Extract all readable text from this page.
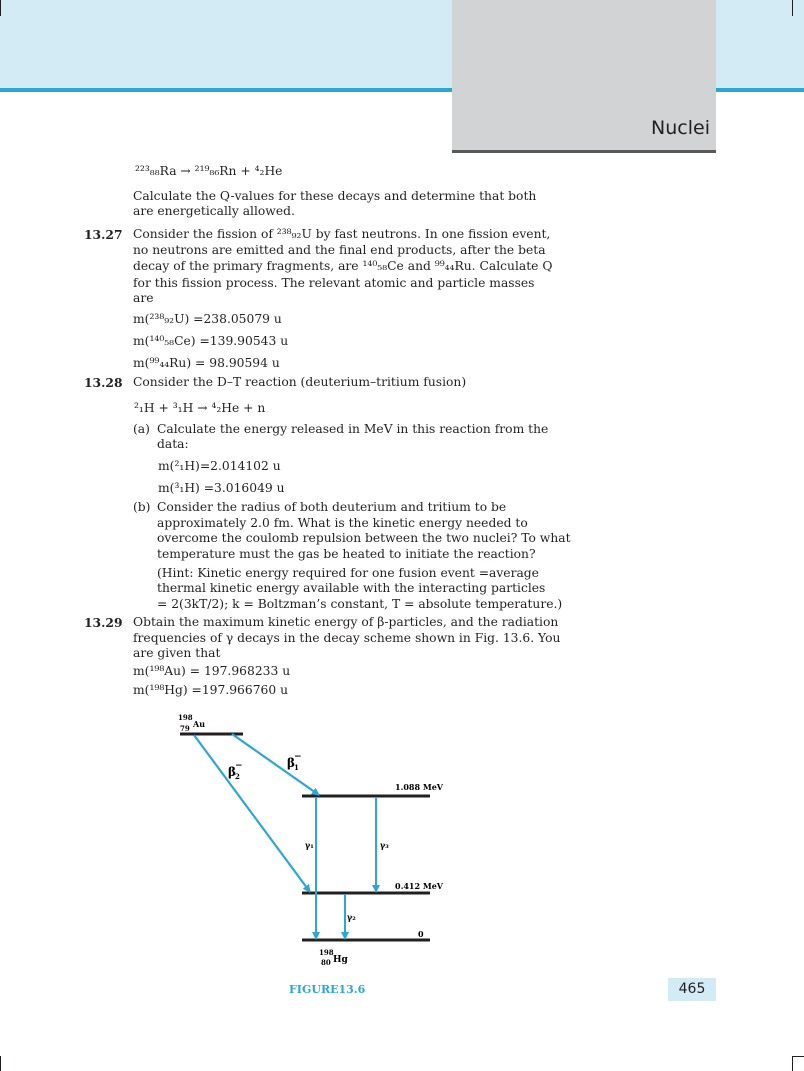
Nuclei
²²³₈₈Ra → ²¹⁹₈₆Rn + ⁴₂He
Calculate the Q-values for these decays and determine that both
are energetically allowed.
13.27 Consider the fission of ²³⁸₉₂U by fast neutrons. In one fission event,
no neutrons are emitted and the final end products, after the beta
decay of the primary fragments, are ¹⁴⁰₅₈Ce and ⁹⁹₄₄Ru. Calculate Q
for this fission process. The relevant atomic and particle masses
are
m(²³⁸₉₂U) =238.05079 u
m(¹⁴⁰₅₈Ce) =139.90543 u
m(⁹⁹₄₄Ru) = 98.90594 u
13.28 Consider the D–T reaction (deuterium–tritium fusion)
²₁H + ³₁H → ⁴₂He + n
(a) Calculate the energy released in MeV in this reaction from the
data:
m(²₁H)=2.014102 u
m(³₁H) =3.016049 u
(b) Consider the radius of both deuterium and tritium to be
approximately 2.0 fm. What is the kinetic energy needed to
overcome the coulomb repulsion between the two nuclei? To what
temperature must the gas be heated to initiate the reaction?
(Hint: Kinetic energy required for one fusion event =average
thermal kinetic energy available with the interacting particles
= 2(3kT/2); k = Boltzman’s constant, T = absolute temperature.)
13.29 Obtain the maximum kinetic energy of β-particles, and the radiation
frequencies of γ decays in the decay scheme shown in Fig. 13.6. You
are given that
m(¹⁹⁸Au) = 197.968233 u
m(¹⁹⁸Hg) =197.966760 u
198
79 Au
β 1
−
β 2
−
γ₁	γ₃
γ₂
1.088 MeV
0.412 MeV
0
198
80 Hg
FIGURE13.6	465
